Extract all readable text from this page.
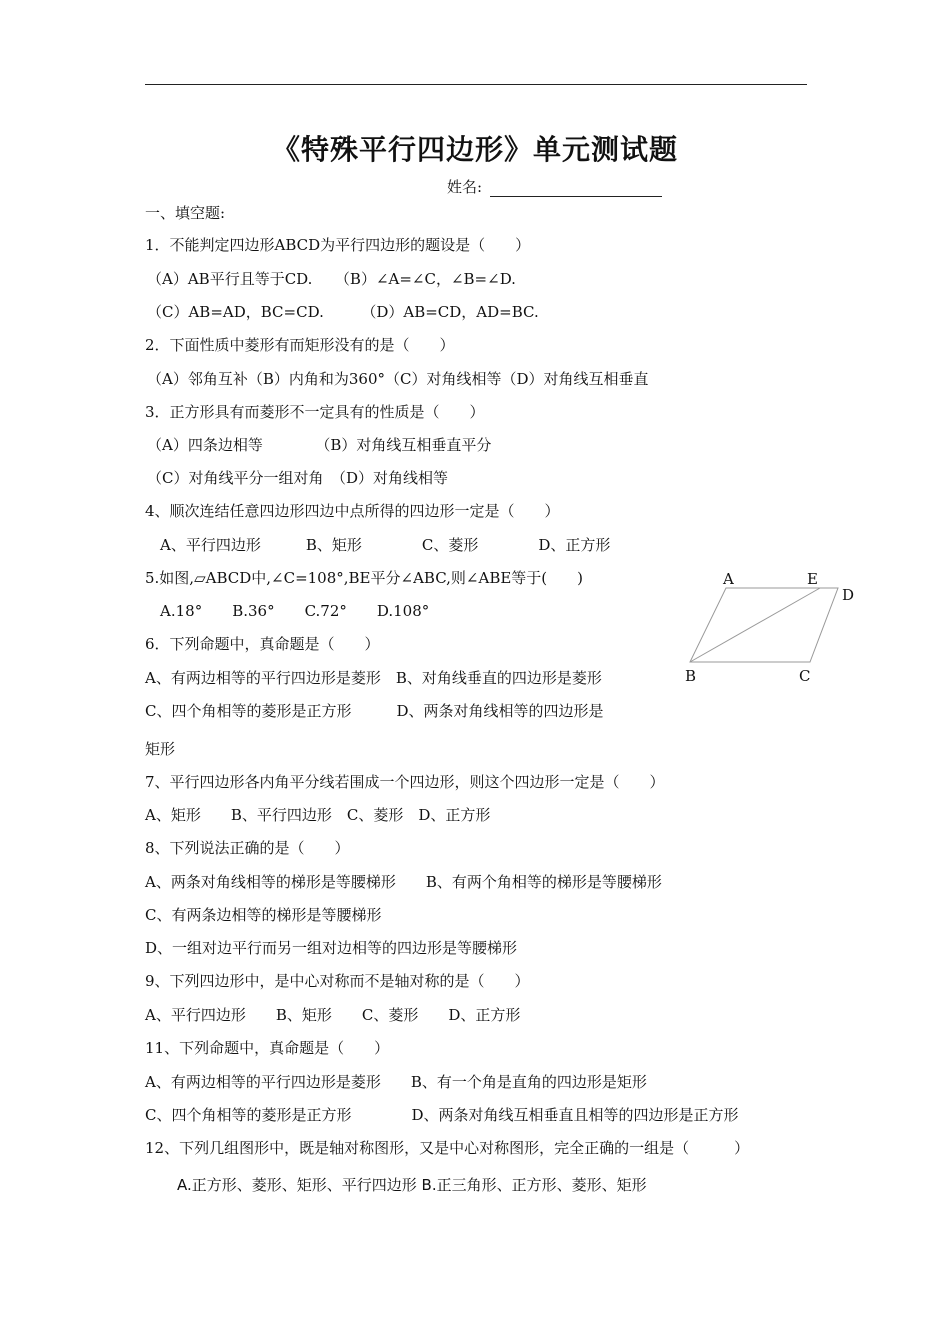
《特殊平行四边形》单元测试题
姓名:
一、填空题:
1．不能判定四边形ABCD为平行四边形的题设是（　　）
（A）AB平行且等于CD.　　（B）∠A=∠C，∠B=∠D.
（C）AB=AD，BC=CD.　　　（D）AB=CD，AD=BC.
2．下面性质中菱形有而矩形没有的是（　　）
（A）邻角互补（B）内角和为360°（C）对角线相等（D）对角线互相垂直
3．正方形具有而菱形不一定具有的性质是（　　）
（A）四条边相等　　　　（B）对角线互相垂直平分
（C）对角线平分一组对角　（D）对角线相等
4、顺次连结任意四边形四边中点所得的四边形一定是（　　）
A、平行四边形　　　B、矩形　　　　C、菱形　　　　D、正方形
5.如图,▱ABCD中,∠C=108°,BE平分∠ABC,则∠ABE等于(　　)
A.18°　　B.36°　　C.72°　　D.108°
A	E
D
B	C
6．下列命题中，真命题是（　　）
A、有两边相等的平行四边形是菱形　B、对角线垂直的四边形是菱形
C、四个角相等的菱形是正方形　　　D、两条对角线相等的四边形是
矩形
7、平行四边形各内角平分线若围成一个四边形，则这个四边形一定是（　　）
A、矩形　　B、平行四边形　C、菱形　D、正方形
8、下列说法正确的是（　　）
A、两条对角线相等的梯形是等腰梯形　　B、有两个角相等的梯形是等腰梯形
C、有两条边相等的梯形是等腰梯形
D、一组对边平行而另一组对边相等的四边形是等腰梯形
9、下列四边形中，是中心对称而不是轴对称的是（　　）
A、平行四边形　　B、矩形　　C、菱形　　D、正方形
11、下列命题中，真命题是（　　）
A、有两边相等的平行四边形是菱形　　B、有一个角是直角的四边形是矩形
C、四个角相等的菱形是正方形　　　　D、两条对角线互相垂直且相等的四边形是正方形
12、下列几组图形中，既是轴对称图形，又是中心对称图形，完全正确的一组是（　　　）
A.正方形、菱形、矩形、平行四边形 B.正三角形、正方形、菱形、矩形
